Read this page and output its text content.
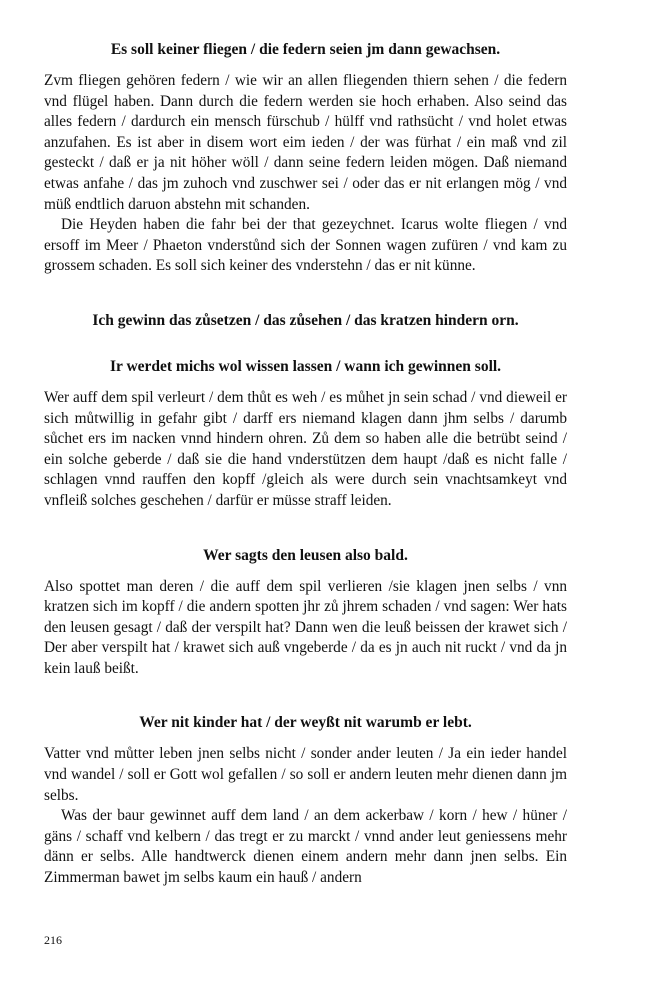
Es soll keiner fliegen / die federn seien jm dann gewachsen.

Zvm fliegen gehören federn / wie wir an allen fliegenden thiern sehen / die federn vnd flügel haben. Dann durch die federn werden sie hoch erhaben. Also seind das alles federn / dardurch ein mensch fürschub / hülff vnd rathsücht / vnd holet etwas anzufahen. Es ist aber in disem wort eim ieden / der was fürhat / ein maß vnd zil gesteckt / daß er ja nit höher wöll / dann seine federn leiden mögen. Daß niemand etwas anfahe / das jm zuhoch vnd zuschwer sei / oder das er nit erlangen mög / vnd müß endtlich daruon abstehn mit schanden.

Die Heyden haben die fahr bei der that gezeychnet. Icarus wolte fliegen / vnd ersoff im Meer / Phaeton vnderstůnd sich der Sonnen wagen zufüren / vnd kam zu grossem schaden. Es soll sich keiner des vnderstehn / das er nit künne.

Ich gewinn das zůsetzen / das zůsehen / das kratzen hindern orn.

Ir werdet michs wol wissen lassen / wann ich gewinnen soll.

Wer auff dem spil verleurt / dem thůt es weh / es můhet jn sein schad / vnd dieweil er sich můtwillig in gefahr gibt / darff ers niemand klagen dann jhm selbs / darumb sůchet ers im nacken vnnd hindern ohren. Zů dem so haben alle die betrübt seind / ein solche geberde / daß sie die hand vnderstützen dem haupt /daß es nicht falle / schlagen vnnd rauffen den kopff /gleich als were durch sein vnachtsamkeyt vnd vnfleiß solches geschehen / darfür er müsse straff leiden.

Wer sagts den leusen also bald.

Also spottet man deren / die auff dem spil verlieren /sie klagen jnen selbs / vnn kratzen sich im kopff / die andern spotten jhr zů jhrem schaden / vnd sagen: Wer hats den leusen gesagt / daß der verspilt hat? Dann wen die leuß beissen der krawet sich / Der aber verspilt hat / krawet sich auß vngeberde / da es jn auch nit ruckt / vnd da jn kein lauß beißt.

Wer nit kinder hat / der weyßt nit warumb er lebt.

Vatter vnd můtter leben jnen selbs nicht / sonder ander leuten / Ja ein ieder handel vnd wandel / soll er Gott wol gefallen / so soll er andern leuten mehr dienen dann jm selbs.

Was der baur gewinnet auff dem land / an dem ackerbaw / korn / hew / hüner / gäns / schaff vnd kelbern / das tregt er zu marckt / vnnd ander leut geniessens mehr dänn er selbs. Alle handtwerck dienen einem andern mehr dann jnen selbs. Ein Zimmerman bawet jm selbs kaum ein hauß / andern

216
